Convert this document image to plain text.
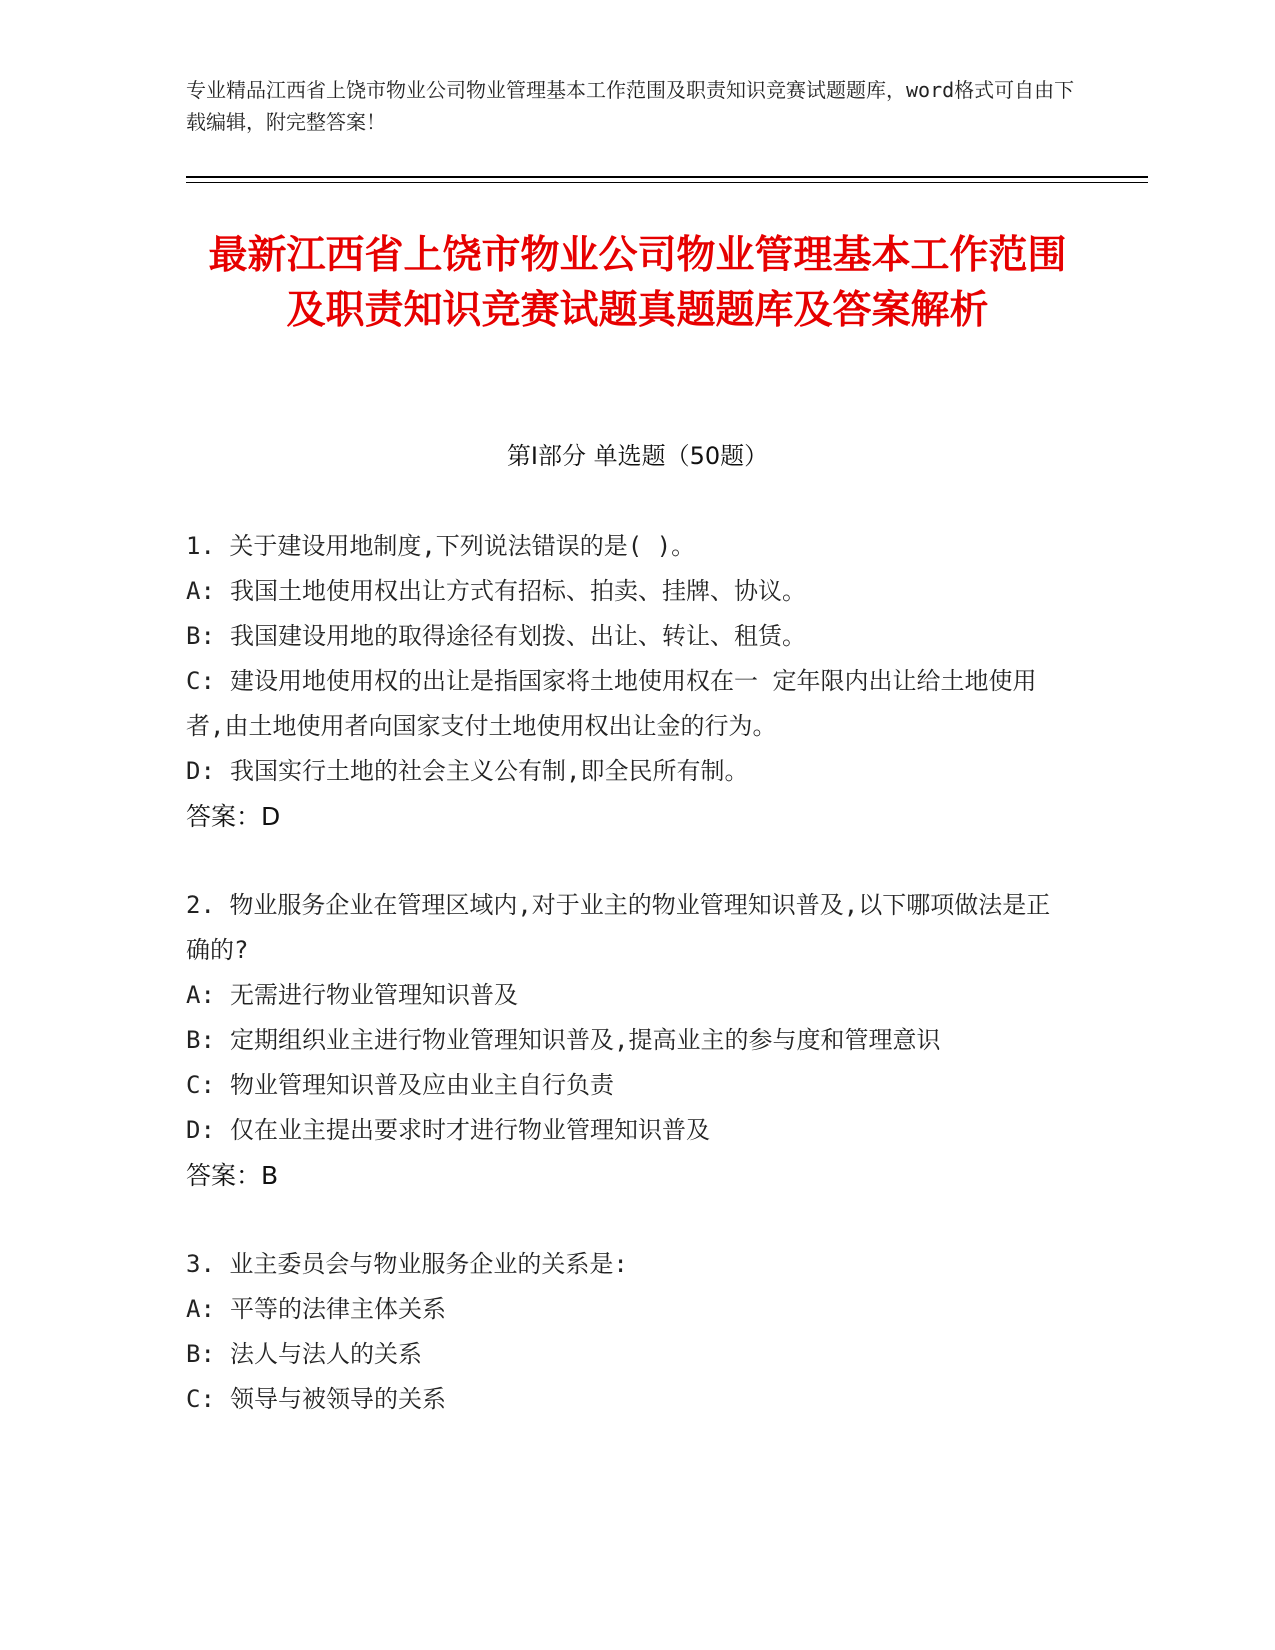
专业精品江西省上饶市物业公司物业管理基本工作范围及职责知识竞赛试题题库，word格式可自由下载编辑，附完整答案！
最新江西省上饶市物业公司物业管理基本工作范围及职责知识竞赛试题真题题库及答案解析
第Ⅰ部分 单选题（50题）
1. 关于建设用地制度,下列说法错误的是( )。
A: 我国土地使用权出让方式有招标、拍卖、挂牌、协议。
B: 我国建设用地的取得途径有划拨、出让、转让、租赁。
C: 建设用地使用权的出让是指国家将土地使用权在一 定年限内出让给土地使用者,由土地使用者向国家支付土地使用权出让金的行为。
D: 我国实行土地的社会主义公有制,即全民所有制。
答案：D
2. 物业服务企业在管理区域内,对于业主的物业管理知识普及,以下哪项做法是正确的?
A: 无需进行物业管理知识普及
B: 定期组织业主进行物业管理知识普及,提高业主的参与度和管理意识
C: 物业管理知识普及应由业主自行负责
D: 仅在业主提出要求时才进行物业管理知识普及
答案：B
3. 业主委员会与物业服务企业的关系是:
A: 平等的法律主体关系
B: 法人与法人的关系
C: 领导与被领导的关系
